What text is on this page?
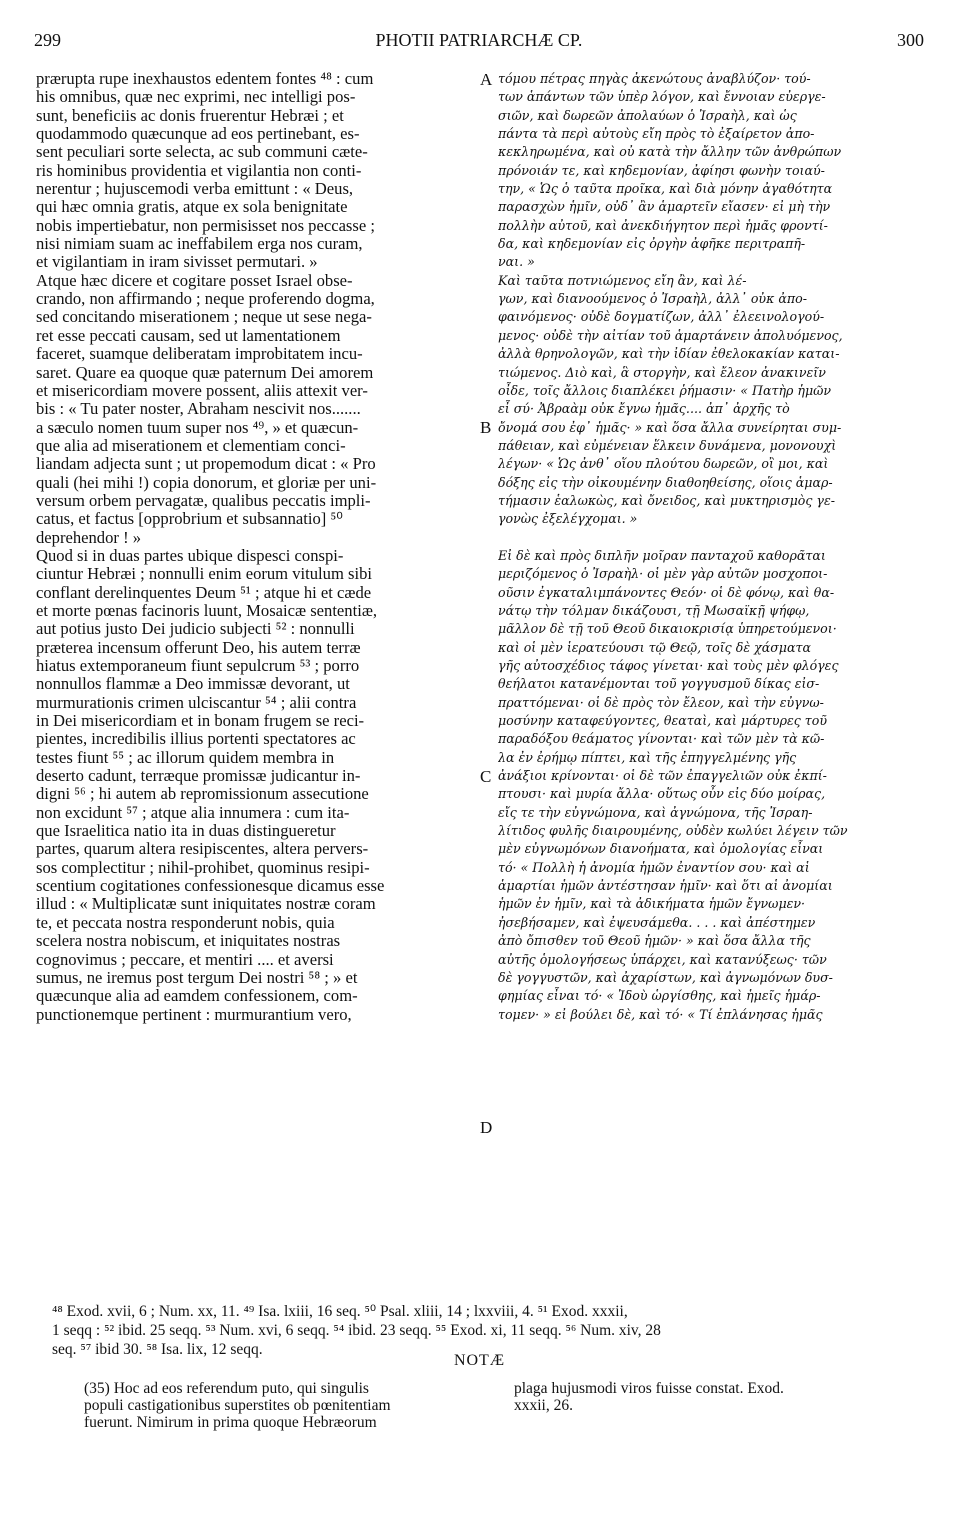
299	PHOTII PATRIARCHÆ CP.	300
prærupta rupe inexhaustos edentem fontes ⁴⁸ : cum
his omnibus, quæ nec exprimi, nec intelligi pos-
sunt, beneficiis ac donis fruerentur Hebræi ; et
quodammodo quæcunque ad eos pertinebant, es-
sent peculiari sorte selecta, ac sub communi cæte-
ris hominibus providentia et vigilantia non conti-
nerentur ; hujuscemodi verba emittunt : « Deus,
qui hæc omnia gratis, atque ex sola benignitate
nobis impertiebatur, non permisisset nos peccasse ;
nisi nimiam suam ac ineffabilem erga nos curam,
et vigilantiam in iram sivisset permutari. »
Atque hæc dicere et cogitare posset Israel obse-
crando, non affirmando ; neque proferendo dogma,
sed concitando miserationem ; neque ut sese nega-
ret esse peccati causam, sed ut lamentationem
faceret, suamque deliberatam improbitatem incu-
saret. Quare ea quoque quæ paternum Dei amorem
et misericordiam movere possent, aliis attexit ver-
bis : « Tu pater noster, Abraham nescivit nos.......
a sæculo nomen tuum super nos ⁴⁹, » et quæcun-
que alia ad miserationem et clementiam conci-
liandam adjecta sunt ; ut propemodum dicat : « Pro
quali (hei mihi !) copia donorum, et gloriæ per uni-
versum orbem pervagatæ, qualibus peccatis impli-
catus, et factus [opprobrium et subsannatio] ⁵⁰
deprehendor ! »
Quod si in duas partes ubique dispesci conspi-
ciuntur Hebræi ; nonnulli enim eorum vitulum sibi
conflant derelinquentes Deum ⁵¹ ; atque hi et cæde
et morte pœnas facinoris luunt, Mosaicæ sententiæ,
aut potius justo Dei judicio subjecti ⁵² : nonnulli
præterea incensum offerunt Deo, his autem terræ
hiatus extemporaneum fiunt sepulcrum ⁵³ ; porro
nonnullos flammæ a Deo immissæ devorant, ut
murmurationis crimen ulciscantur ⁵⁴ ; alii contra
in Dei misericordiam et in bonam frugem se reci-
pientes, incredibilis illius portenti spectatores ac
testes fiunt ⁵⁵ ; ac illorum quidem membra in
deserto cadunt, terræque promissæ judicantur in-
digni ⁵⁶ ; hi autem ab repromissionum assecutione
non excidunt ⁵⁷ ; atque alia innumera : cum ita-
que Israelitica natio ita in duas distingueretur
partes, quarum altera resipiscentes, altera pervers-
sos complectitur ; nihil-prohibet, quominus resipi-
scentium cogitationes confessionesque dicamus esse
illud : « Multiplicatæ sunt iniquitates nostræ coram
te, et peccata nostra responderunt nobis, quia
scelera nostra nobiscum, et iniquitates nostras
cognovimus ; peccare, et mentiri .... et aversi
sumus, ne iremus post tergum Dei nostri ⁵⁸ ; » et
quæcunque alia ad eamdem confessionem, com-
punctionemque pertinent : murmurantium vero,
τόμου πέτρας πηγὰς ἀκενώτους ἀναβλύζον· τού-
των ἁπάντων τῶν ὑπὲρ λόγον, καὶ ἔννοιαν εὐεργε-
σιῶν, καὶ δωρεῶν ἀπολαύων ὁ Ἰσραὴλ, καὶ ὡς
πάντα τὰ περὶ αὐτοὺς εἴη πρὸς τὸ ἐξαίρετον ἀπο-
κεκληρωμένα, καὶ οὐ κατὰ τὴν ἄλλην τῶν ἀνθρώπων
πρόνοιάν τε, καὶ κηδεμονίαν, ἀφίησι φωνὴν τοιαύ-
την, « Ὡς ὁ ταῦτα προῖκα, καὶ διὰ μόνην ἀγαθότητα
παρασχὼν ἡμῖν, οὐδ᾽ ἂν ἁμαρτεῖν εἴασεν· εἰ μὴ τὴν
πολλὴν αὐτοῦ, καὶ ἀνεκδιήγητον περὶ ἡμᾶς φροντί-
δα, καὶ κηδεμονίαν εἰς ὀργὴν ἀφῆκε περιτραπῆ-
ναι. »
Καὶ ταῦτα ποτνιώμενος εἴη ἂν, καὶ λέ-
γων, καὶ διανοούμενος ὁ Ἰσραὴλ, ἀλλ᾽ οὐκ ἀπο-
φαινόμενος· οὐδὲ δογματίζων, ἀλλ᾽ ἐλεεινολογού-
μενος· οὐδὲ τὴν αἰτίαν τοῦ ἁμαρτάνειν ἀπολυόμενος,
ἀλλὰ θρηνολογῶν, καὶ τὴν ἰδίαν ἐθελοκακίαν καται-
τιώμενος. Διὸ καὶ, ἃ στοργὴν, καὶ ἔλεον ἀνακινεῖν
οἶδε, τοῖς ἄλλοις διαπλέκει ῥήμασιν· « Πατὴρ ἡμῶν
εἶ σύ· Ἀβραὰμ οὐκ ἔγνω ἡμᾶς.... ἀπ᾽ ἀρχῆς τὸ
ὄνομά σου ἐφ᾽ ἡμᾶς· » καὶ ὅσα ἄλλα συνείρηται συμ-
πάθειαν, καὶ εὐμένειαν ἕλκειν δυνάμενα, μονονουχὶ
λέγων· « Ὡς ἀνθ᾽ οἵου πλούτου δωρεῶν, οἲ μοι, καὶ
δόξης εἰς τὴν οἰκουμένην διαθοηθείσης, οἵοις ἁμαρ-
τήμασιν ἑαλωκὼς, καὶ ὄνειδος, καὶ μυκτηρισμὸς γε-
γονὼς ἐξελέγχομαι. »
Εἰ δὲ καὶ πρὸς διπλῆν μοῖραν πανταχοῦ καθορᾶται
μεριζόμενος ὁ Ἰσραὴλ· οἱ μὲν γὰρ αὐτῶν μοσχοποι-
οῦσιν ἐγκαταλιμπάνοντες Θεόν· οἱ δὲ φόνῳ, καὶ θα-
νάτῳ τὴν τόλμαν δικάζουσι, τῇ Μωσαϊκῇ ψήφῳ,
μᾶλλον δὲ τῇ τοῦ Θεοῦ δικαιοκρισίᾳ ὑπηρετούμενοι·
καὶ οἱ μὲν ἱερατεύουσι τῷ Θεῷ, τοῖς δὲ χάσματα
γῆς αὐτοσχέδιος τάφος γίνεται· καὶ τοὺς μὲν φλόγες
θεήλατοι κατανέμονται τοῦ γογγυσμοῦ δίκας εἰσ-
πραττόμεναι· οἱ δὲ πρὸς τὸν ἔλεον, καὶ τὴν εὐγνω-
μοσύνην καταφεύγοντες, θεαταὶ, καὶ μάρτυρες τοῦ
παραδόξου θεάματος γίνονται· καὶ τῶν μὲν τὰ κῶ-
λα ἐν ἐρήμῳ πίπτει, καὶ τῆς ἐπηγγελμένης γῆς
ἀνάξιοι κρίνονται· οἱ δὲ τῶν ἐπαγγελιῶν οὐκ ἐκπί-
πτουσι· καὶ μυρία ἄλλα· οὕτως οὖν εἰς δύο μοίρας,
εἴς τε τὴν εὐγνώμονα, καὶ ἀγνώμονα, τῆς Ἰσραη-
λίτιδος φυλῆς διαιρουμένης, οὐδὲν κωλύει λέγειν τῶν
μὲν εὐγνωμόνων διανοήματα, καὶ ὁμολογίας εἶναι
τό· « Πολλὴ ἡ ἀνομία ἡμῶν ἐναντίον σου· καὶ αἱ
ἁμαρτίαι ἡμῶν ἀντέστησαν ἡμῖν· καὶ ὅτι αἱ ἀνομίαι
ἡμῶν ἐν ἡμῖν, καὶ τὰ ἀδικήματα ἡμῶν ἔγνωμεν·
ἠσεβήσαμεν, καὶ ἐψευσάμεθα. . . . καὶ ἀπέστημεν
ἀπὸ ὄπισθεν τοῦ Θεοῦ ἡμῶν· » καὶ ὅσα ἄλλα τῆς
αὐτῆς ὁμολογήσεως ὑπάρχει, καὶ κατανύξεως· τῶν
δὲ γογγυστῶν, καὶ ἀχαρίστων, καὶ ἀγνωμόνων δυσ-
φημίας εἶναι τό· « Ἰδοὺ ὡργίσθης, καὶ ἡμεῖς ἡμάρ-
τομεν· » εἰ βούλει δὲ, καὶ τό· « Τί ἐπλάνησας ἡμᾶς
A
B
C
D
⁴⁸ Exod. xvii, 6 ; Num. xx, 11. ⁴⁹ Isa. lxiii, 16 seq. ⁵⁰ Psal. xliii, 14 ; lxxviii, 4. ⁵¹ Exod. xxxii,
1 seqq : ⁵² ibid. 25 seqq. ⁵³ Num. xvi, 6 seqq. ⁵⁴ ibid. 23 seqq. ⁵⁵ Exod. xi, 11 seqq. ⁵⁶ Num. xiv, 28
seq. ⁵⁷ ibid 30. ⁵⁸ Isa. lix, 12 seqq.
NOTÆ
(35) Hoc ad eos referendum puto, qui singulis
populi castigationibus superstites ob pœnitentiam
fuerunt. Nimirum in prima quoque Hebræorum
plaga hujusmodi viros fuisse constat. Exod.
xxxii, 26.
